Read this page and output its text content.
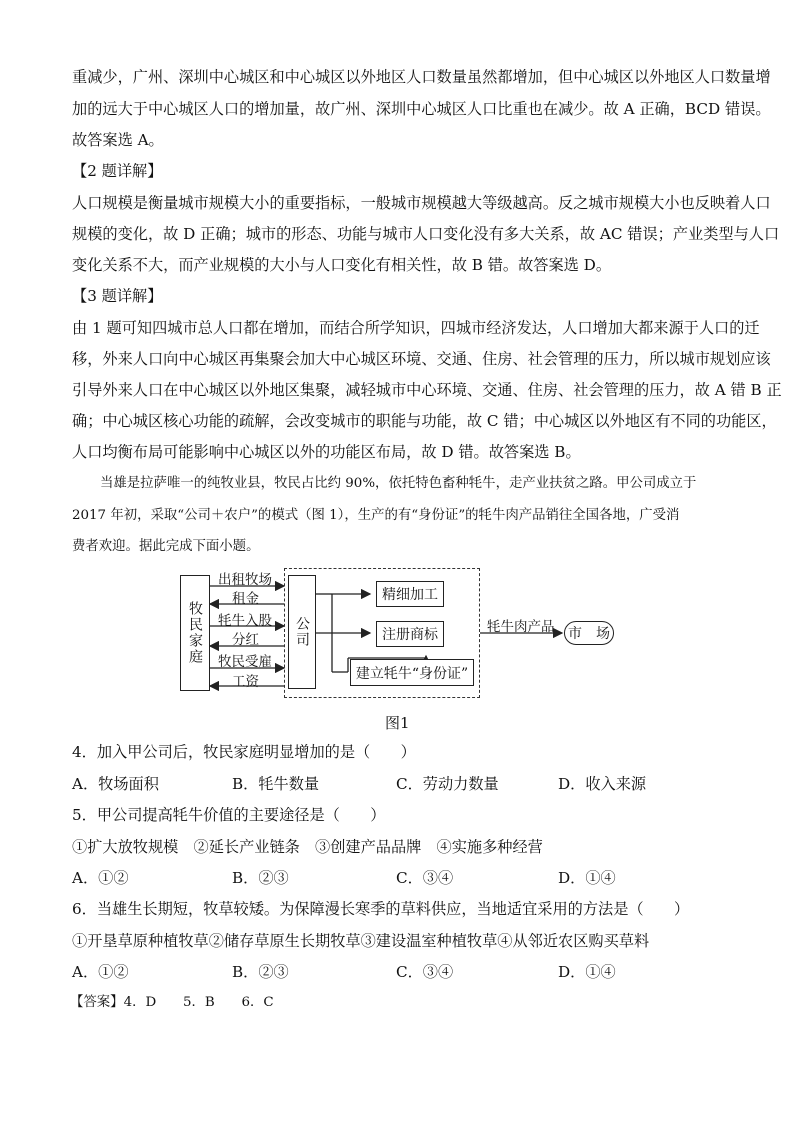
重减少，广州、深圳中心城区和中心城区以外地区人口数量虽然都增加，但中心城区以外地区人口数量增
加的远大于中心城区人口的增加量，故广州、深圳中心城区人口比重也在减少。故 A 正确，BCD 错误。
故答案选 A。
【2 题详解】
人口规模是衡量城市规模大小的重要指标，一般城市规模越大等级越高。反之城市规模大小也反映着人口
规模的变化，故 D 正确；城市的形态、功能与城市人口变化没有多大关系，故 AC 错误；产业类型与人口
变化关系不大，而产业规模的大小与人口变化有相关性，故 B 错。故答案选 D。
【3 题详解】
由 1 题可知四城市总人口都在增加，而结合所学知识，四城市经济发达，人口增加大都来源于人口的迁
移，外来人口向中心城区再集聚会加大中心城区环境、交通、住房、社会管理的压力，所以城市规划应该
引导外来人口在中心城区以外地区集聚，减轻城市中心环境、交通、住房、社会管理的压力，故 A 错 B 正
确；中心城区核心功能的疏解，会改变城市的职能与功能，故 C 错；中心城区以外地区有不同的功能区，
人口均衡布局可能影响中心城区以外的功能区布局，故 D 错。故答案选 B。
当雄是拉萨唯一的纯牧业县，牧民占比约 90%，依托特色畜种牦牛，走产业扶贫之路。甲公司成立于
2017 年初，采取“公司＋农户”的模式（图 1），生产的有“身份证”的牦牛肉产品销往全国各地，广受消
费者欢迎。据此完成下面小题。
牧民家庭	公司
出租牧场
租金
牦牛入股
分红
牧民受雇
工资
精细加工
注册商标
建立牦牛“身份证”
牦牛肉产品 市　场
图1
4．加入甲公司后，牧民家庭明显增加的是（　　）
A．牧场面积	B．牦牛数量	C．劳动力数量	D．收入来源
5．甲公司提高牦牛价值的主要途径是（　　）
①扩大放牧规模　②延长产业链条　③创建产品品牌　④实施多种经营
A．①②	B．②③	C．③④	D．①④
6．当雄生长期短，牧草较矮。为保障漫长寒季的草料供应，当地适宜采用的方法是（　　）
①开垦草原种植牧草②储存草原生长期牧草③建设温室种植牧草④从邻近农区购买草料
A．①②	B．②③	C．③④	D．①④
【答案】4．D　　5．B　　6．C
